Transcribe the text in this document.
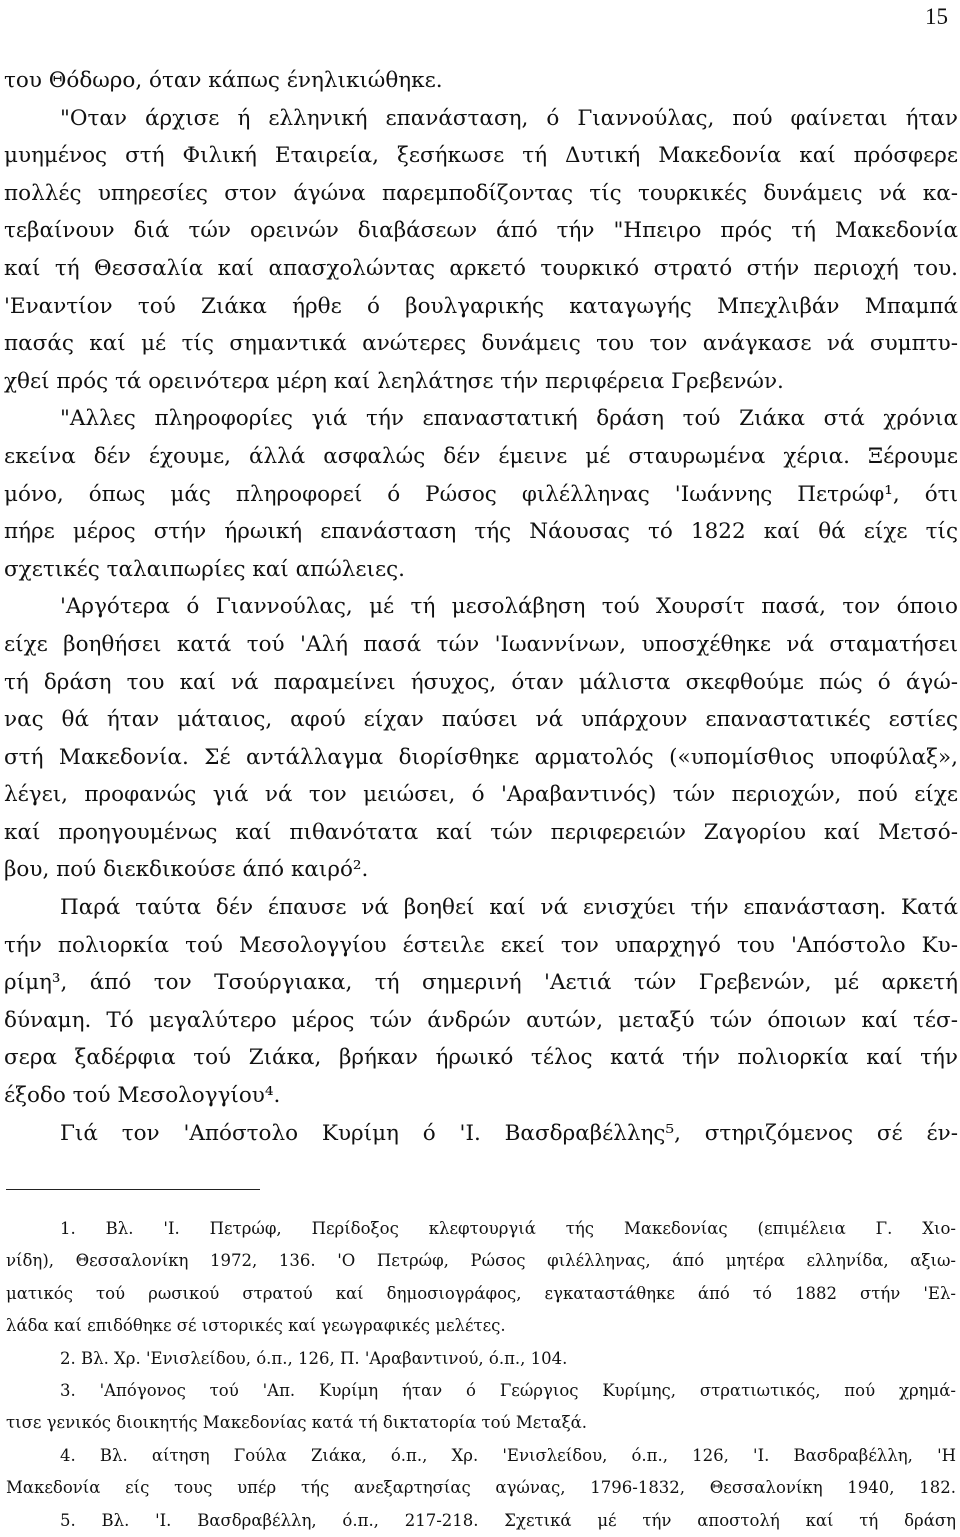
15
του Θόδωρο, όταν κάπως ένηλικιώθηκε.
"Οταν άρχισε ή ελληνική επανάσταση, ό Γιαννούλας, πού φαίνεται ήταν
μυημένος στή Φιλική Εταιρεία, ξεσήκωσε τή Δυτική Μακεδονία καί πρόσφερε
πολλές υπηρεσίες στον άγώνα παρεμποδίζοντας τίς τουρκικές δυνάμεις νά κα-
τεβαίνουν διά τών ορεινών διαβάσεων άπό τήν "Ηπειρο πρός τή Μακεδονία
καί τή Θεσσαλία καί απασχολώντας αρκετό τουρκικό στρατό στήν περιοχή του.
'Εναντίον τού Ζιάκα ήρθε ό βουλγαρικής καταγωγής Μπεχλιβάν Μπαμπά
πασάς καί μέ τίς σημαντικά ανώτερες δυνάμεις του τον ανάγκασε νά συμπτυ-
χθεί πρός τά ορεινότερα μέρη καί λεηλάτησε τήν περιφέρεια Γρεβενών.
"Αλλες πληροφορίες γιά τήν επαναστατική δράση τού Ζιάκα στά χρόνια
εκείνα δέν έχουμε, άλλά ασφαλώς δέν έμεινε μέ σταυρωμένα χέρια. Ξέρουμε
μόνο, όπως μάς πληροφορεί ό Ρώσος φιλέλληνας 'Ιωάννης Πετρώφ¹, ότι
πήρε μέρος στήν ήρωική επανάσταση τής Νάουσας τό 1822 καί θά είχε τίς
σχετικές ταλαιπωρίες καί απώλειες.
'Αργότερα ό Γιαννούλας, μέ τή μεσολάβηση τού Χουρσίτ πασά, τον όποιο
είχε βοηθήσει κατά τού 'Αλή πασά τών 'Ιωαννίνων, υποσχέθηκε νά σταματήσει
τή δράση του καί νά παραμείνει ήσυχος, όταν μάλιστα σκεφθούμε πώς ό άγώ-
νας θά ήταν μάταιος, αφού είχαν παύσει νά υπάρχουν επαναστατικές εστίες
στή Μακεδονία. Σέ αντάλλαγμα διορίσθηκε αρματολός («υπομίσθιος υποφύλαξ»,
λέγει, προφανώς γιά νά τον μειώσει, ό 'Αραβαντινός) τών περιοχών, πού είχε
καί προηγουμένως καί πιθανότατα καί τών περιφερειών Ζαγορίου καί Μετσό-
βου, πού διεκδικούσε άπό καιρό².
Παρά ταύτα δέν έπαυσε νά βοηθεί καί νά ενισχύει τήν επανάσταση. Κατά
τήν πολιορκία τού Μεσολογγίου έστειλε εκεί τον υπαρχηγό του 'Απόστολο Κυ-
ρίμη³, άπό τον Τσούργιακα, τή σημερινή 'Αετιά τών Γρεβενών, μέ αρκετή
δύναμη. Τό μεγαλύτερο μέρος τών άνδρών αυτών, μεταξύ τών όποιων καί τέσ-
σερα ξαδέρφια τού Ζιάκα, βρήκαν ήρωικό τέλος κατά τήν πολιορκία καί τήν
έξοδο τού Μεσολογγίου⁴.
Γιά τον 'Απόστολο Κυρίμη ό 'Ι. Βασδραβέλλης⁵, στηριζόμενος σέ έν-
1. Βλ. 'Ι. Πετρώφ, Περίδοξος κλεφτουργιά τής Μακεδονίας (επιμέλεια Γ. Χιο-
νίδη), Θεσσαλονίκη 1972, 136. 'Ο Πετρώφ, Ρώσος φιλέλληνας, άπό μητέρα ελληνίδα, αξιω-
ματικός τού ρωσικού στρατού καί δημοσιογράφος, εγκαταστάθηκε άπό τό 1882 στήν 'Ελ-
λάδα καί επιδόθηκε σέ ιστορικές καί γεωγραφικές μελέτες.
2. Βλ. Χρ. 'Ενισλείδου, ό.π., 126, Π. 'Αραβαντινού, ό.π., 104.
3. 'Απόγονος τού 'Απ. Κυρίμη ήταν ό Γεώργιος Κυρίμης, στρατιωτικός, πού χρημά-
τισε γενικός διοικητής Μακεδονίας κατά τή δικτατορία τού Μεταξά.
4. Βλ. αίτηση Γούλα Ζιάκα, ό.π., Χρ. 'Ενισλείδου, ό.π., 126, 'Ι. Βασδραβέλλη, 'Η
Μακεδονία είς τους υπέρ τής ανεξαρτησίας αγώνας, 1796-1832, Θεσσαλονίκη 1940, 182.
5. Βλ. 'Ι. Βασδραβέλλη, ό.π., 217-218. Σχετικά μέ τήν αποστολή καί τή δράση
